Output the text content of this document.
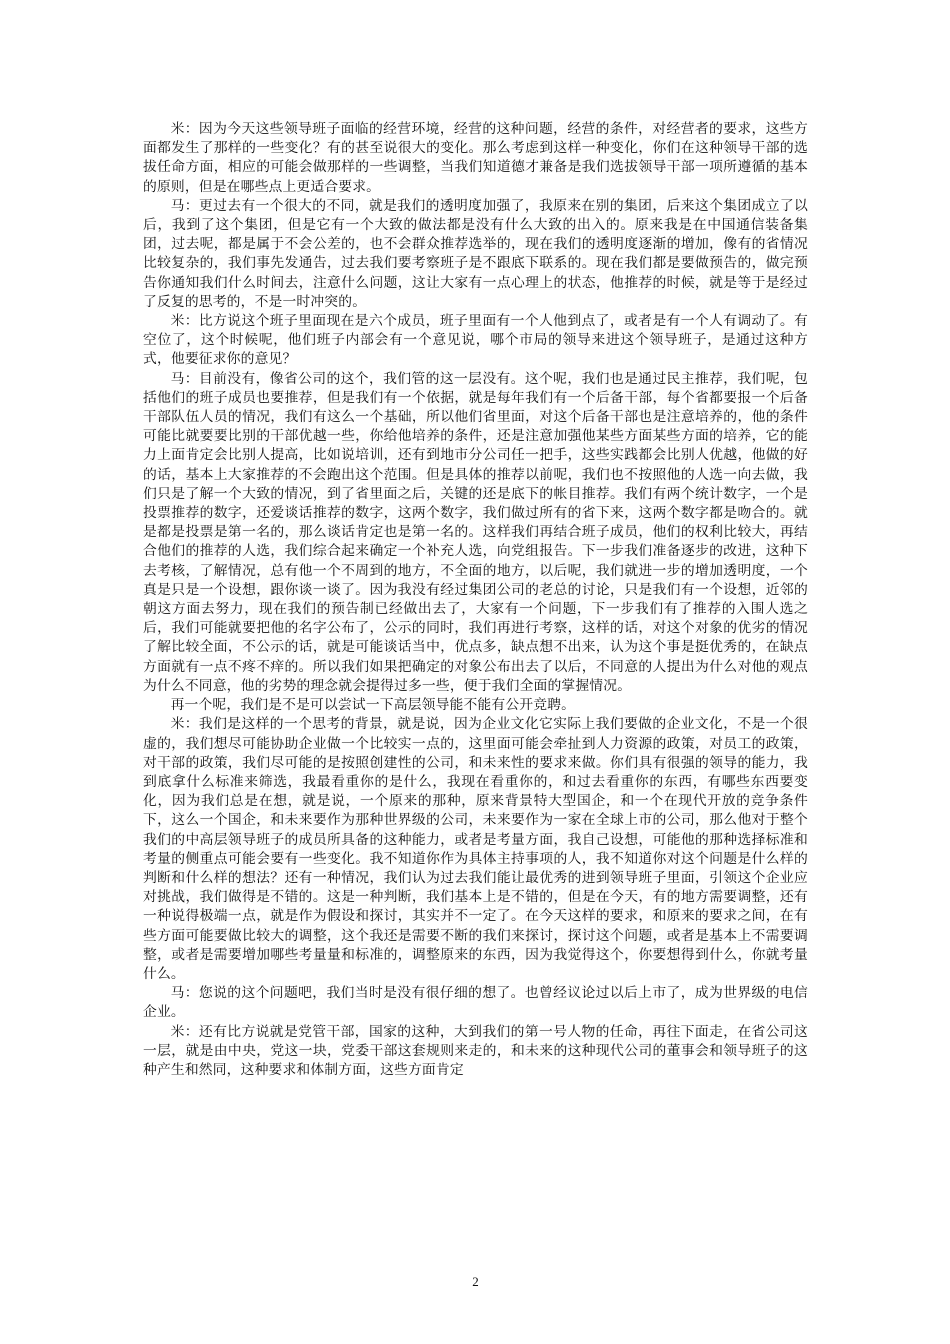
米：因为今天这些领导班子面临的经营环境，经营的这种问题，经营的条件，对经营者的要求，这些方面都发生了那样的一些变化？有的甚至说很大的变化。那么考虑到这样一种变化，你们在这种领导干部的选拔任命方面，相应的可能会做那样的一些调整，当我们知道德才兼备是我们选拔领导干部一项所遵循的基本的原则，但是在哪些点上更适合要求。

马：更过去有一个很大的不同，就是我们的透明度加强了，我原来在别的集团，后来这个集团成立了以后，我到了这个集团，但是它有一个大致的做法都是没有什么大致的出入的。原来我是在中国通信装备集团，过去呢，都是属于不会公差的，也不会群众推荐选举的，现在我们的透明度逐渐的增加，像有的省情况比较复杂的，我们事先发通告，过去我们要考察班子是不跟底下联系的。现在我们都是要做预告的，做完预告你通知我们什么时间去，注意什么问题，这让大家有一点心理上的状态，他推荐的时候，就是等于是经过了反复的思考的，不是一时冲突的。

米：比方说这个班子里面现在是六个成员，班子里面有一个人他到点了，或者是有一个人有调动了。有空位了，这个时候呢，他们班子内部会有一个意见说，哪个市局的领导来进这个领导班子，是通过这种方式，他要征求你的意见？

马：目前没有，像省公司的这个，我们管的这一层没有。这个呢，我们也是通过民主推荐，我们呢，包括他们的班子成员也要推荐，但是我们有一个依据，就是每年我们有一个后备干部，每个省都要报一个后备干部队伍人员的情况，我们有这么一个基础，所以他们省里面，对这个后备干部也是注意培养的，他的条件可能比就要要比别的干部优越一些，你给他培养的条件，还是注意加强他某些方面某些方面的培养，它的能力上面肯定会比别人提高，比如说培训，还有到地市分公司任一把手，这些实践都会比别人优越，他做的好的话，基本上大家推荐的不会跑出这个范围。但是具体的推荐以前呢，我们也不按照他的人选一向去做，我们只是了解一个大致的情况，到了省里面之后，关键的还是底下的帐目推荐。我们有两个统计数字，一个是投票推荐的数字，还爱谈话推荐的数字，这两个数字，我们做过所有的省下来，这两个数字都是吻合的。就是都是投票是第一名的，那么谈话肯定也是第一名的。这样我们再结合班子成员，他们的权利比较大，再结合他们的推荐的人选，我们综合起来确定一个补充人选，向党组报告。下一步我们准备逐步的改进，这种下去考核，了解情况，总有他一个不周到的地方，不全面的地方，以后呢，我们就进一步的增加透明度，一个真是只是一个设想，跟你谈一谈了。因为我没有经过集团公司的老总的讨论，只是我们有一个设想，近邻的朝这方面去努力，现在我们的预告制已经做出去了，大家有一个问题，下一步我们有了推荐的入围人选之后，我们可能就要把他的名字公布了，公示的同时，我们再进行考察，这样的话，对这个对象的优劣的情况了解比较全面，不公示的话，就是可能谈话当中，优点多，缺点想不出来，认为这个事是挺优秀的，在缺点方面就有一点不疼不痒的。所以我们如果把确定的对象公布出去了以后，不同意的人提出为什么对他的观点为什么不同意，他的劣势的理念就会提得过多一些，便于我们全面的掌握情况。

再一个呢，我们是不是可以尝试一下高层领导能不能有公开竞聘。

米：我们是这样的一个思考的背景，就是说，因为企业文化它实际上我们要做的企业文化，不是一个很虚的，我们想尽可能协助企业做一个比较实一点的，这里面可能会牵扯到人力资源的政策，对员工的政策，对干部的政策，我们尽可能的是按照创建性的公司，和未来性的要求来做。你们具有很强的领导的能力，我到底拿什么标准来筛选，我最看重你的是什么，我现在看重你的，和过去看重你的东西，有哪些东西要变化，因为我们总是在想，就是说，一个原来的那种，原来背景特大型国企，和一个在现代开放的竞争条件下，这么一个国企，和未来要作为那种世界级的公司，未来要作为一家在全球上市的公司，那么他对于整个我们的中高层领导班子的成员所具备的这种能力，或者是考量方面，我自己设想，可能他的那种选择标准和考量的侧重点可能会要有一些变化。我不知道你作为具体主持事项的人，我不知道你对这个问题是什么样的判断和什么样的想法？还有一种情况，我们认为过去我们能让最优秀的进到领导班子里面，引领这个企业应对挑战，我们做得是不错的。这是一种判断，我们基本上是不错的，但是在今天，有的地方需要调整，还有一种说得极端一点，就是作为假设和探讨，其实并不一定了。在今天这样的要求，和原来的要求之间，在有些方面可能要做比较大的调整，这个我还是需要不断的我们来探讨，探讨这个问题，或者是基本上不需要调整，或者是需要增加哪些考量量和标准的，调整原来的东西，因为我觉得这个，你要想得到什么，你就考量什么。

马：您说的这个问题吧，我们当时是没有很仔细的想了。也曾经议论过以后上市了，成为世界级的电信企业。

米：还有比方说就是党管干部，国家的这种，大到我们的第一号人物的任命，再往下面走，在省公司这一层，就是由中央，党这一块，党委干部这套规则来走的，和未来的这种现代公司的董事会和领导班子的这种产生和然同，这种要求和体制方面，这些方面肯定

2
